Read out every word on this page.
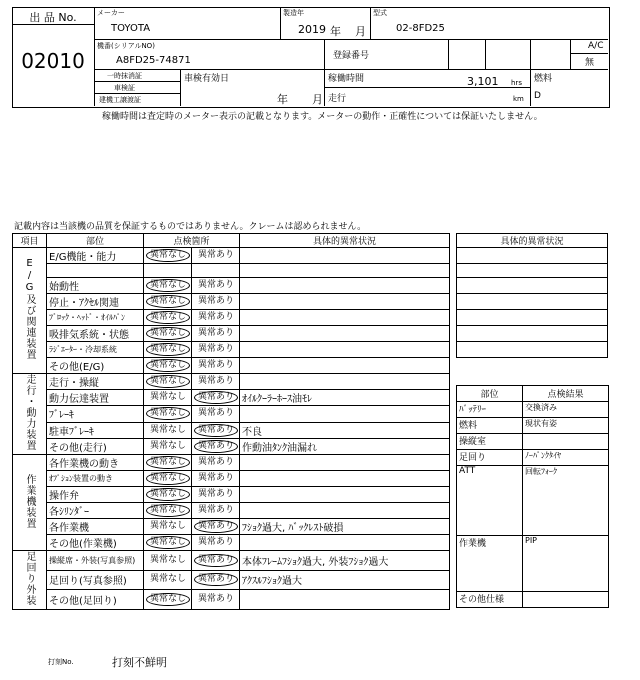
出 品 No.
02010
メーカー
TOYOTA
製造年
2019 年 月
型式
02-8FD25
機番(シリアルNO)
A8FD25-74871	登録番号
A/C
無
一時抹消証
車検証
建機工譲渡証
車検有効日
年 月
稼働時間	3,101 hrs
走行	km
燃料
D
稼働時間は査定時のメーター表示の記載となります。メーターの動作・正確性については保証いたしません。
記載内容は当該機の品質を保証するものではありません。クレームは認められません。
項目	部位	点検箇所		具体的異常状況
E/G及び関連装置	E/G機能・能力	異常なし	異常あり	

	始動性	異常なし	異常あり	
	停止・ｱｸｾﾙ関連	異常なし	異常あり	
	ﾌﾞﾛｯｸ・ﾍｯﾄﾞ・ｵｲﾙﾊﾟﾝ	異常なし	異常あり	
	吸排気系統・状態	異常なし	異常あり	
	ﾗｼﾞｴｰﾀｰ・冷却系統	異常なし	異常あり	
	その他(E/G)	異常なし	異常あり	
走行・動力装置	走行・操縦	異常なし	異常あり	
	動力伝達装置	異常なし	異常あり	ｵｲﾙｸｰﾗｰﾎｰｽ油ﾓﾚ
	ﾌﾞﾚｰｷ	異常なし	異常あり	
	駐車ﾌﾞﾚｰｷ	異常なし	異常あり	不良
	その他(走行)	異常なし	異常あり	作動油ﾀﾝｸ油漏れ
作業機装置	各作業機の動き	異常なし	異常あり	
	ｵﾌﾟｼｮﾝ装置の動き	異常なし	異常あり	
	操作弁	異常なし	異常あり	
	各ｼﾘﾝﾀﾞｰ	異常なし	異常あり	
	各作業機	異常なし	異常あり	ﾌｼｮｸ過大, ﾊﾞｯｸﾚｽﾄ破損
	その他(作業機)	異常なし	異常あり	
足回り外装	操縦席・外装(写真参照)	異常なし	異常あり	本体ﾌﾚｰﾑﾌｼｮｸ過大, 外装ﾌｼｮｸ過大
	足回り(写真参照)	異常なし	異常あり	ｱｸｽﾙﾌｼｮｸ過大
	その他(足回り)	異常なし	異常あり	
具体的異常状況

部位	点検結果
ﾊﾞｯﾃﾘｰ	交換済み
燃料	現状有姿
操縦室	
足回り	ﾉｰﾊﾟﾝｸﾀｲﾔ
ATT	回転ﾌｫｰｸ
作業機	PIP
その他仕様	
打刻No.	打刻不鮮明
